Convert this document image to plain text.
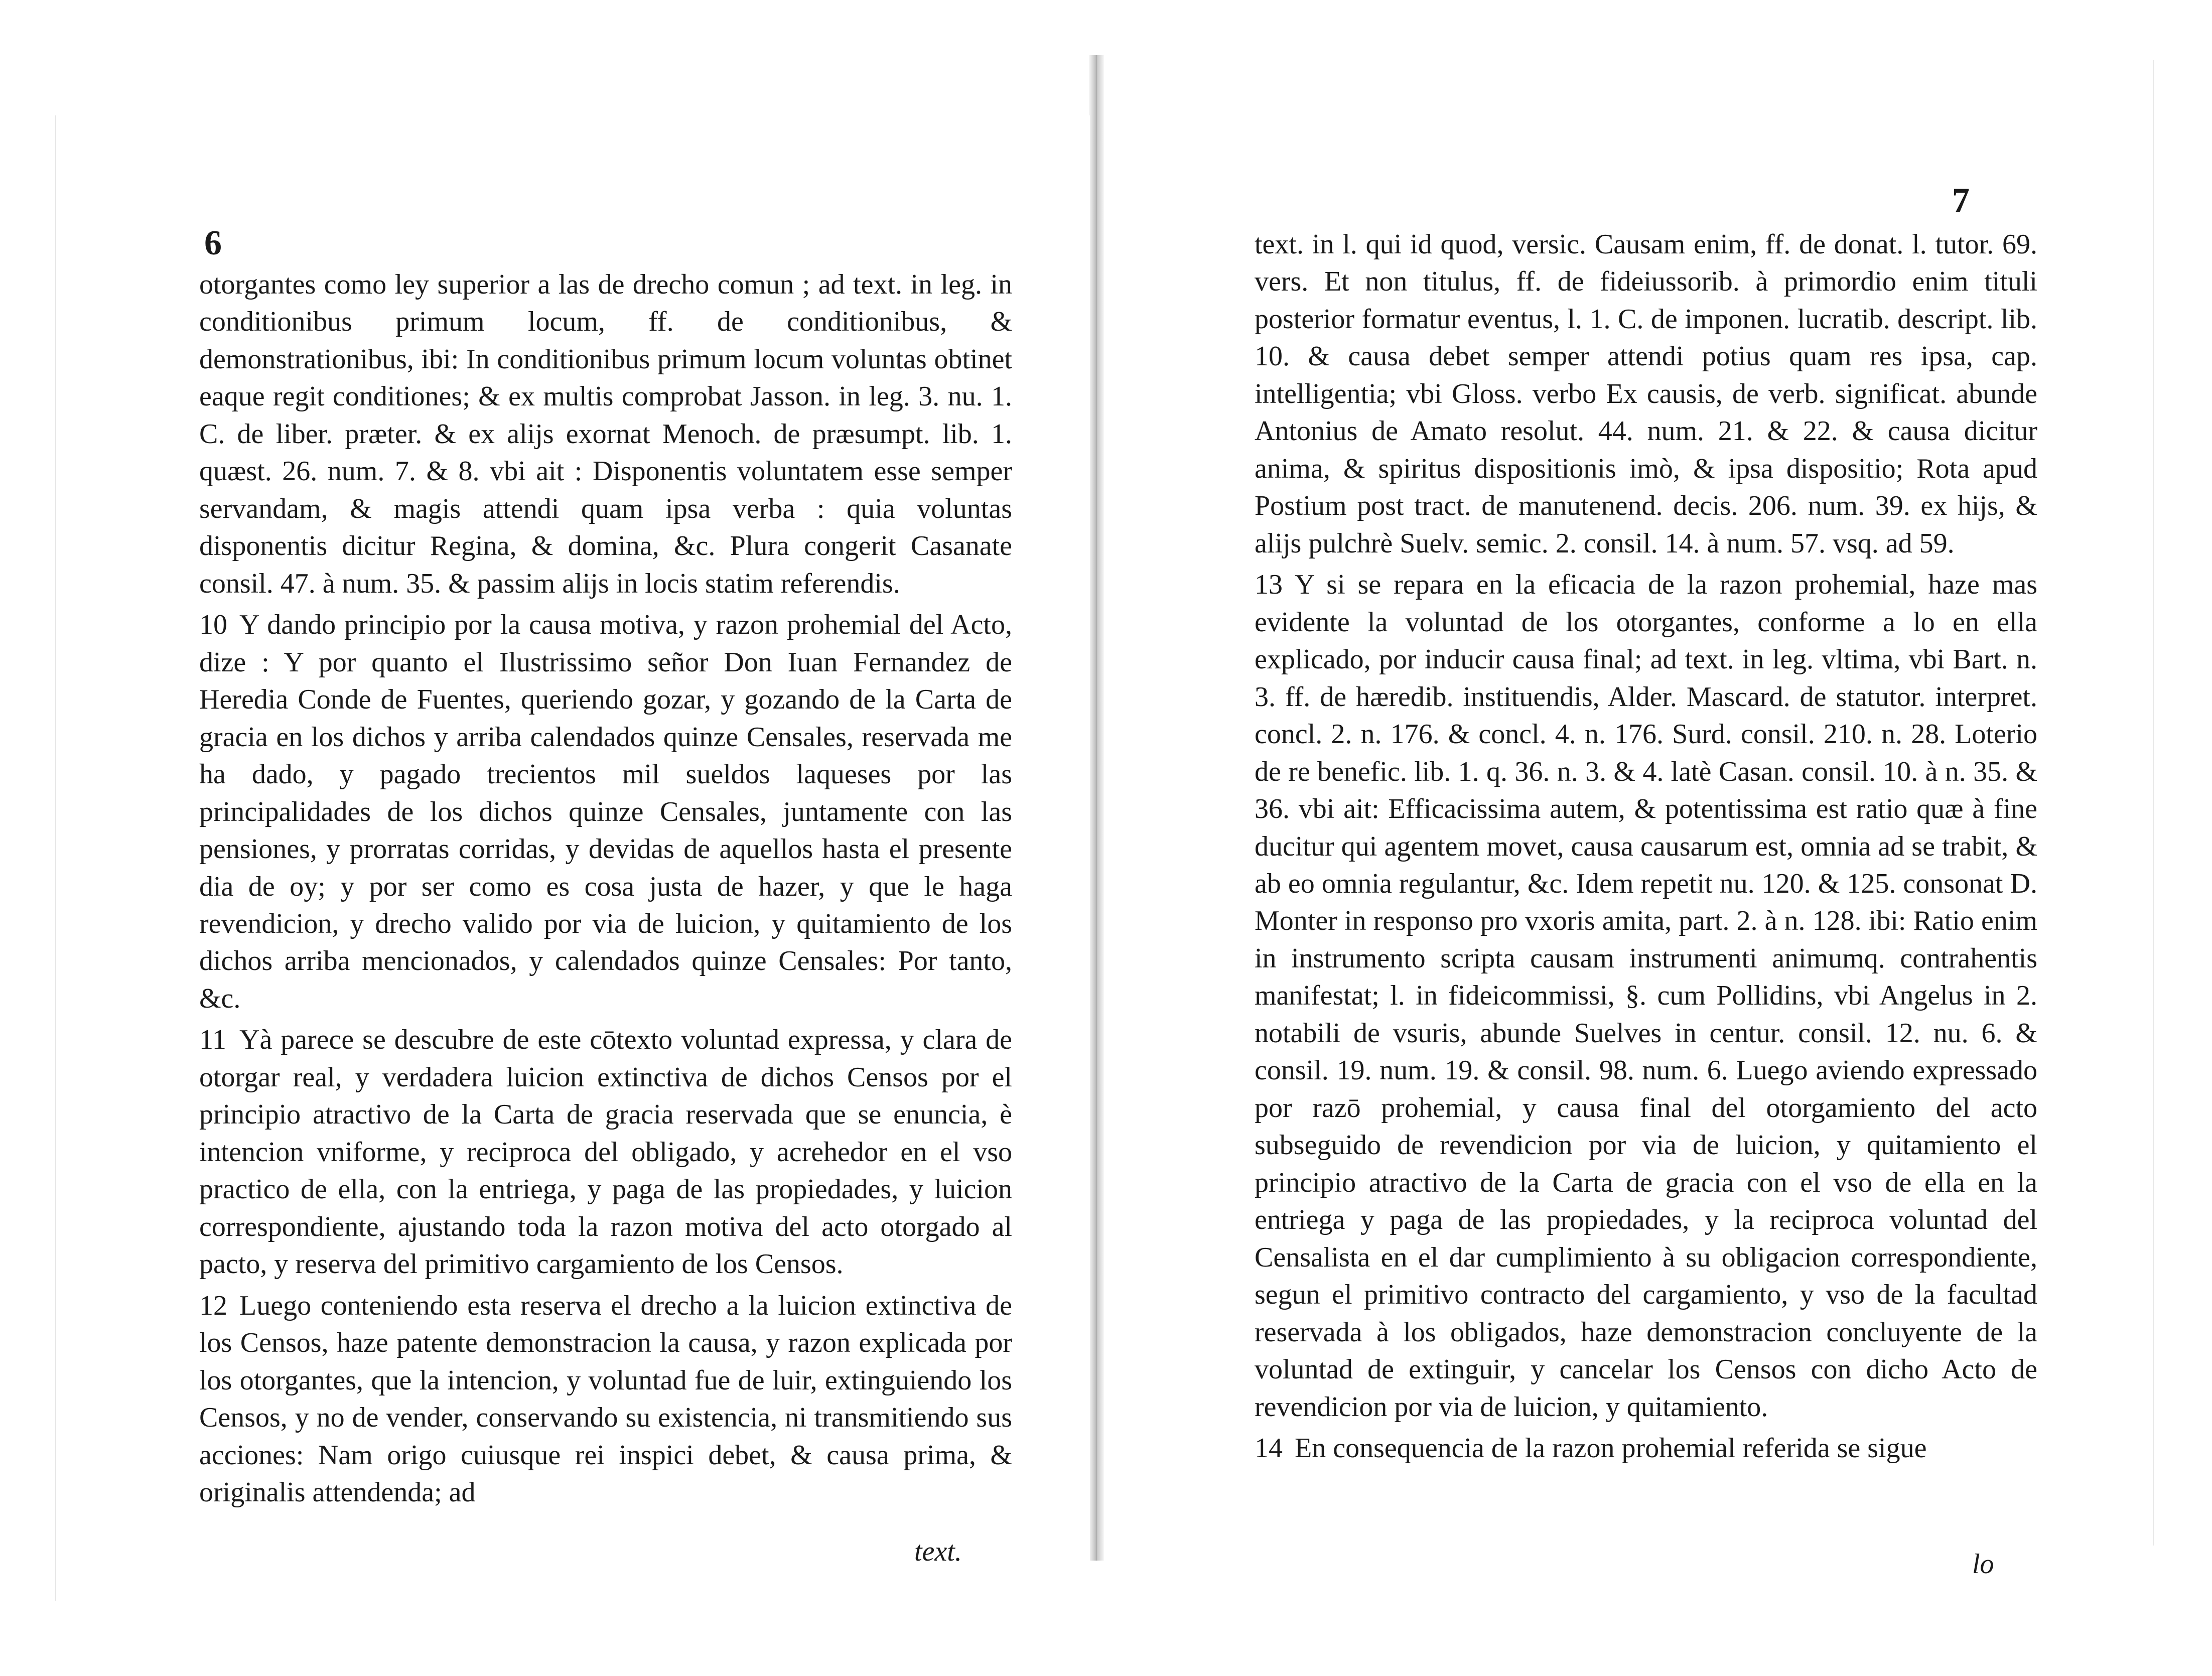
6

otorgantes como ley superior a las de drecho comun ; ad text. in leg. in conditionibus primum locum, ff. de conditionibus, & demonstrationibus, ibi: In conditionibus primum locum voluntas obtinet eaque regit conditiones; & ex multis comprobat Jasson. in leg. 3. nu. 1. C. de liber. præter. & ex alijs exornat Menoch. de præsumpt. lib. 1. quæst. 26. num. 7. & 8. vbi ait : Disponentis voluntatem esse semper servandam, & magis attendi quam ipsa verba : quia voluntas disponentis dicitur Regina, & domina, &c. Plura congerit Casanate consil. 47. à num. 35. & passim alijs in locis statim referendis.

10 Y dando principio por la causa motiva, y razon prohemial del Acto, dize : Y por quanto el Ilustrissimo señor Don Iuan Fernandez de Heredia Conde de Fuentes, queriendo gozar, y gozando de la Carta de gracia en los dichos y arriba calendados quinze Censales, reservada me ha dado, y pagado trecientos mil sueldos laqueses por las principalidades de los dichos quinze Censales, juntamente con las pensiones, y prorratas corridas, y devidas de aquellos hasta el presente dia de oy; y por ser como es cosa justa de hazer, y que le haga revendicion, y drecho valido por via de luicion, y quitamiento de los dichos arriba mencionados, y calendados quinze Censales: Por tanto, &c.

11 Yà parece se descubre de este cōtexto voluntad expressa, y clara de otorgar real, y verdadera luicion extinctiva de dichos Censos por el principio atractivo de la Carta de gracia reservada que se enuncia, è intencion vniforme, y reciproca del obligado, y acrehedor en el vso practico de ella, con la entriega, y paga de las propiedades, y luicion correspondiente, ajustando toda la razon motiva del acto otorgado al pacto, y reserva del primitivo cargamiento de los Censos.

12 Luego conteniendo esta reserva el drecho a la luicion extinctiva de los Censos, haze patente demonstracion la causa, y razon explicada por los otorgantes, que la intencion, y voluntad fue de luir, extinguiendo los Censos, y no de vender, conservando su existencia, ni transmitiendo sus acciones: Nam origo cuiusque rei inspici debet, & causa prima, & originalis attendenda; ad

text.
7

text. in l. qui id quod, versic. Causam enim, ff. de donat. l. tutor. 69. vers. Et non titulus, ff. de fideiussorib. à primordio enim tituli posterior formatur eventus, l. 1. C. de imponen. lucratib. descript. lib. 10. & causa debet semper attendi potius quam res ipsa, cap. intelligentia; vbi Gloss. verbo Ex causis, de verb. significat. abunde Antonius de Amato resolut. 44. num. 21. & 22. & causa dicitur anima, & spiritus dispositionis imò, & ipsa dispositio; Rota apud Postium post tract. de manutenend. decis. 206. num. 39. ex hijs, & alijs pulchrè Suelv. semic. 2. consil. 14. à num. 57. vsq. ad 59.

13 Y si se repara en la eficacia de la razon prohemial, haze mas evidente la voluntad de los otorgantes, conforme a lo en ella explicado, por inducir causa final; ad text. in leg. vltima, vbi Bart. n. 3. ff. de hæredib. instituendis, Alder. Mascard. de statutor. interpret. concl. 2. n. 176. & concl. 4. n. 176. Surd. consil. 210. n. 28. Loterio de re benefic. lib. 1. q. 36. n. 3. & 4. latè Casan. consil. 10. à n. 35. & 36. vbi ait: Efficacissima autem, & potentissima est ratio quæ à fine ducitur qui agentem movet, causa causarum est, omnia ad se trabit, & ab eo omnia regulantur, &c. Idem repetit nu. 120. & 125. consonat D. Monter in responso pro vxoris amita, part. 2. à n. 128. ibi: Ratio enim in instrumento scripta causam instrumenti animumq. contrahentis manifestat; l. in fideicommissi, §. cum Pollidins, vbi Angelus in 2. notabili de vsuris, abunde Suelves in centur. consil. 12. nu. 6. & consil. 19. num. 19. & consil. 98. num. 6. Luego aviendo expressado por razō prohemial, y causa final del otorgamiento del acto subseguido de revendicion por via de luicion, y quitamiento el principio atractivo de la Carta de gracia con el vso de ella en la entriega y paga de las propiedades, y la reciproca voluntad del Censalista en el dar cumplimiento à su obligacion correspondiente, segun el primitivo contracto del cargamiento, y vso de la facultad reservada à los obligados, haze demonstracion concluyente de la voluntad de extinguir, y cancelar los Censos con dicho Acto de revendicion por via de luicion, y quitamiento.

14 En consequencia de la razon prohemial referida se sigue

lo
